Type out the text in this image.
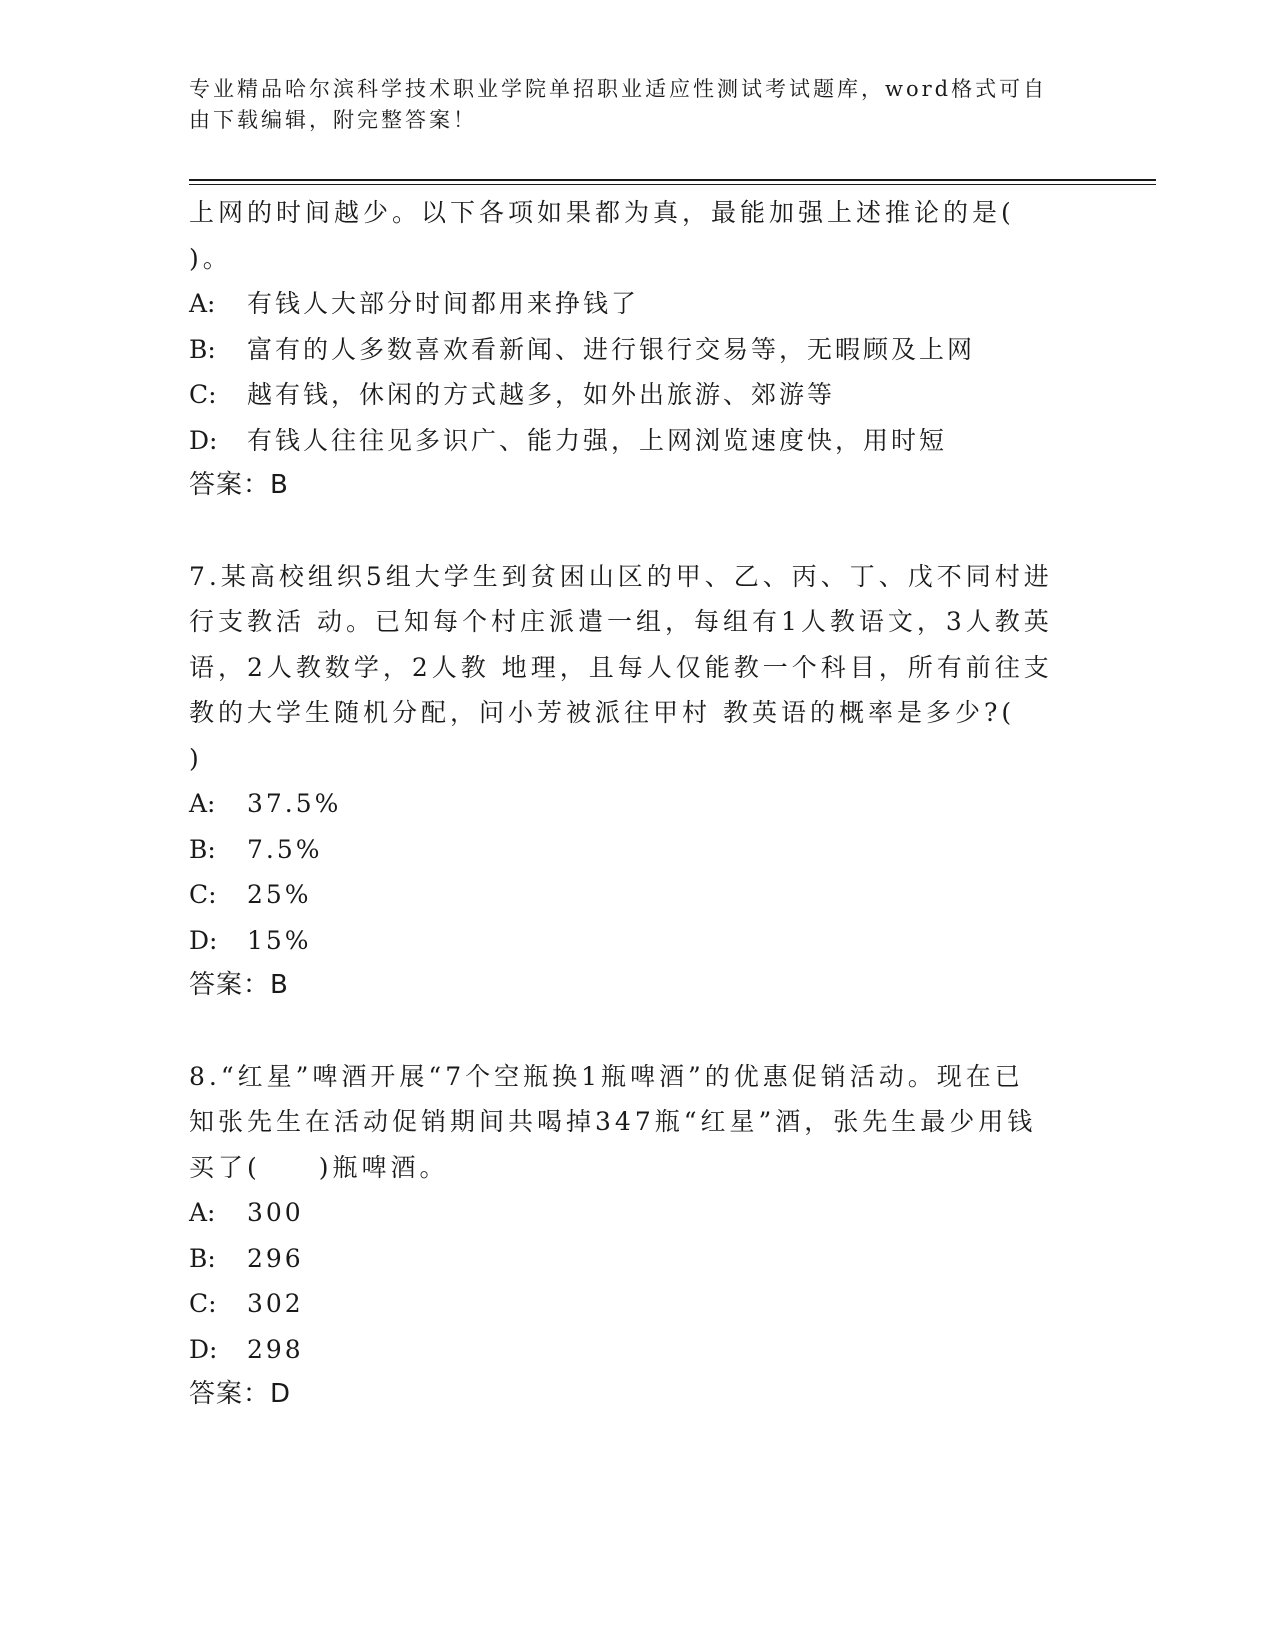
专业精品哈尔滨科学技术职业学院单招职业适应性测试考试题库，word格式可自
由下载编辑，附完整答案！
上网的时间越少。以下各项如果都为真，最能加强上述推论的是(
)。
A: 有钱人大部分时间都用来挣钱了
B: 富有的人多数喜欢看新闻、进行银行交易等，无暇顾及上网
C: 越有钱，休闲的方式越多，如外出旅游、郊游等
D: 有钱人往往见多识广、能力强，上网浏览速度快，用时短
答案：B
7.某高校组织5组大学生到贫困山区的甲、乙、丙、丁、戊不同村进
行支教活 动。已知每个村庄派遣一组，每组有1人教语文，3人教英
语，2人教数学，2人教 地理，且每人仅能教一个科目，所有前往支
教的大学生随机分配，问小芳被派往甲村 教英语的概率是多少?(
)
A: 37.5%
B: 7.5%
C: 25%
D: 15%
答案：B
8.“红星”啤酒开展“7个空瓶换1瓶啤酒”的优惠促销活动。现在已
知张先生在活动促销期间共喝掉347瓶“红星”酒，张先生最少用钱
买了(　　)瓶啤酒。
A: 300
B: 296
C: 302
D: 298
答案：D
